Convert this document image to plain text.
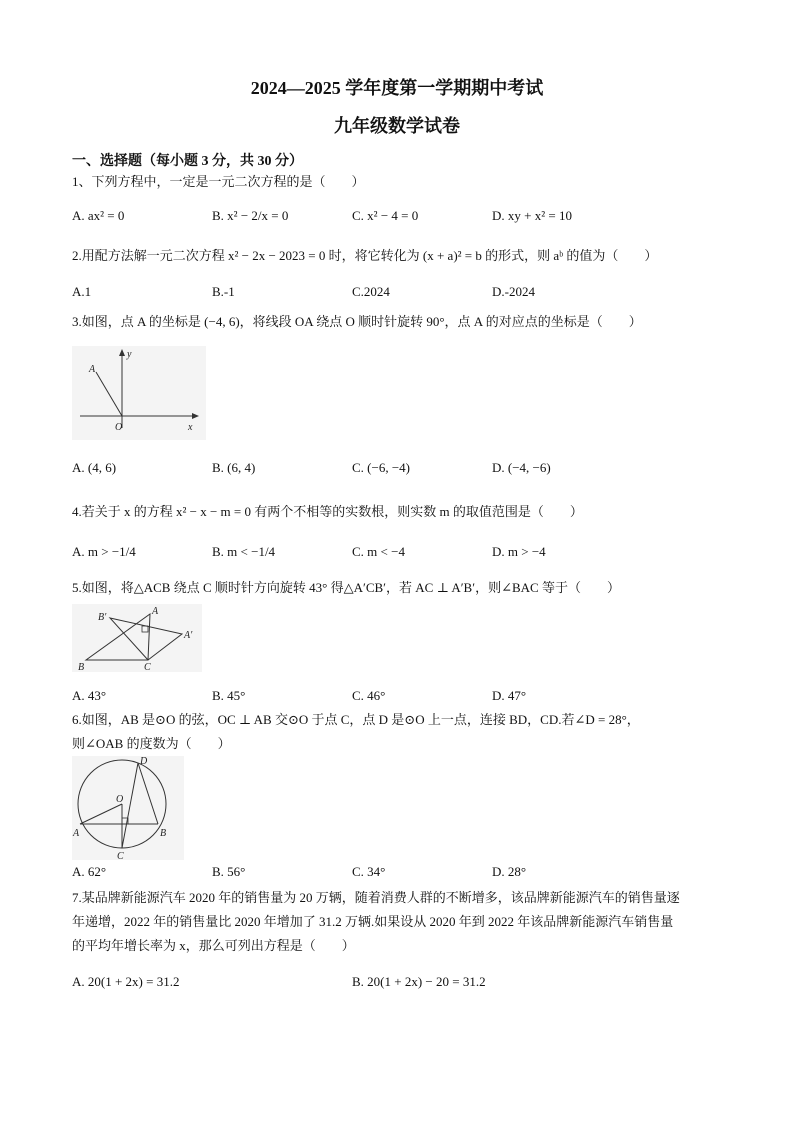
2024—2025 学年度第一学期期中考试
九年级数学试卷
一、选择题（每小题 3 分，共 30 分）
1、下列方程中，一定是一元二次方程的是（　　）
A. ax² = 0	B. x² − 2/x = 0	C. x² − 4 = 0	D. xy + x² = 10
2.用配方法解一元二次方程 x² − 2x − 2023 = 0 时，将它转化为 (x + a)² = b 的形式，则 aᵇ 的值为（　　）
A.1	B.-1	C.2024	D.-2024
3.如图，点 A 的坐标是 (−4, 6)，将线段 OA 绕点 O 顺时针旋转 90°，点 A 的对应点的坐标是（　　）
y
A
O	x
A. (4, 6)	B. (6, 4)	C. (−6, −4)	D. (−4, −6)
4.若关于 x 的方程 x² − x − m = 0 有两个不相等的实数根，则实数 m 的取值范围是（　　）
A. m > −1/4	B. m < −1/4	C. m < −4	D. m > −4
5.如图，将△ACB 绕点 C 顺时针方向旋转 43° 得△A′CB′，若 AC ⊥ A′B′，则∠BAC 等于（　　）
B′
A
A′
B	C
A. 43°	B. 45°	C. 46°	D. 47°
6.如图，AB 是⊙O 的弦，OC ⊥ AB 交⊙O 于点 C，点 D 是⊙O 上一点，连接 BD，CD.若∠D = 28°，
则∠OAB 的度数为（　　）
D
O
A	B
C
A. 62°	B. 56°	C. 34°	D. 28°
7.某品牌新能源汽车 2020 年的销售量为 20 万辆，随着消费人群的不断增多，该品牌新能源汽车的销售量逐
年递增，2022 年的销售量比 2020 年增加了 31.2 万辆.如果设从 2020 年到 2022 年该品牌新能源汽车销售量
的平均年增长率为 x，那么可列出方程是（　　）
A. 20(1 + 2x) = 31.2	B. 20(1 + 2x) − 20 = 31.2
